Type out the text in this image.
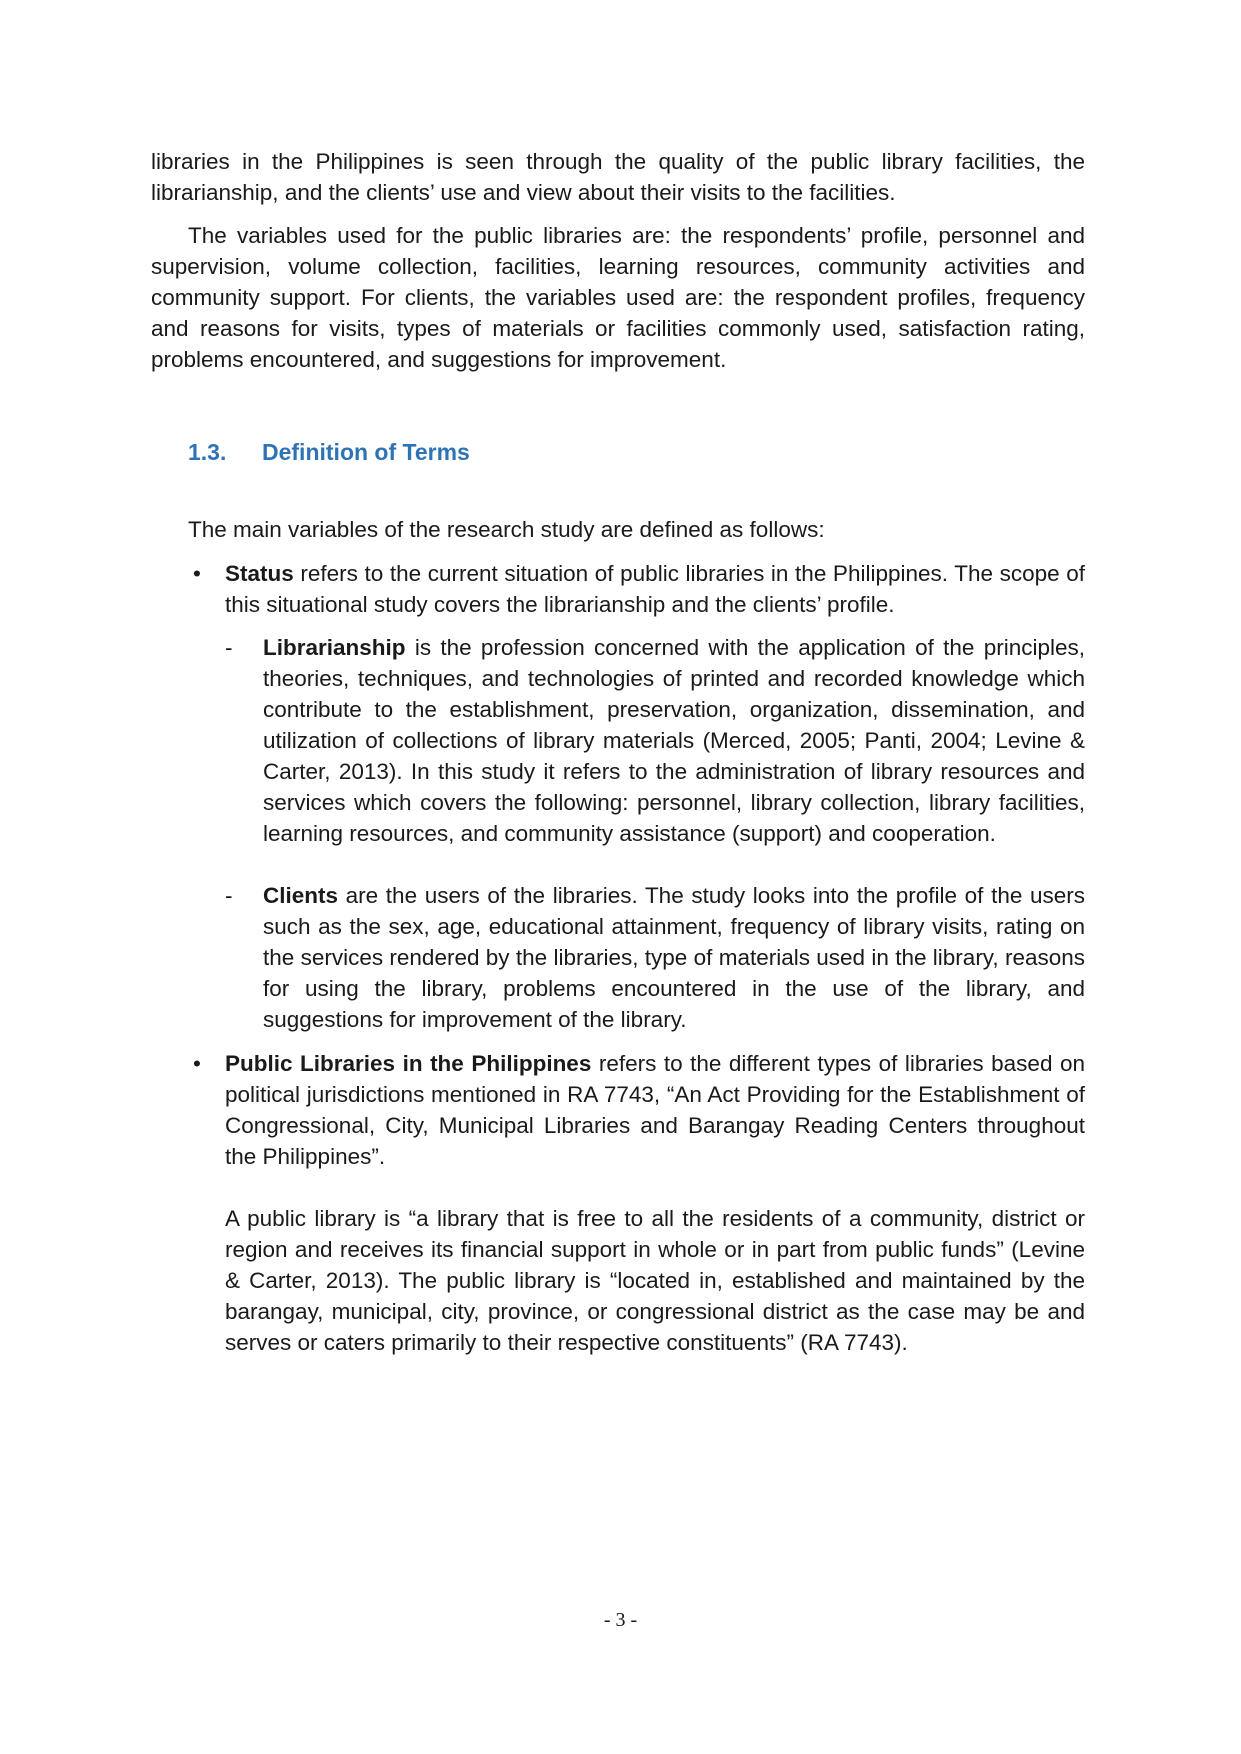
libraries in the Philippines is seen through the quality of the public library facilities, the librarianship, and the clients’ use and view about their visits to the facilities.

The variables used for the public libraries are: the respondents’ profile, personnel and supervision, volume collection, facilities, learning resources, community activities and community support. For clients, the variables used are: the respondent profiles, frequency and reasons for visits, types of materials or facilities commonly used, satisfaction rating, problems encountered, and suggestions for improvement.

1.3.	Definition of Terms

The main variables of the research study are defined as follows:

• Status refers to the current situation of public libraries in the Philippines. The scope of this situational study covers the librarianship and the clients’ profile.

- Librarianship is the profession concerned with the application of the principles, theories, techniques, and technologies of printed and recorded knowledge which contribute to the establishment, preservation, organization, dissemination, and utilization of collections of library materials (Merced, 2005; Panti, 2004; Levine & Carter, 2013). In this study it refers to the administration of library resources and services which covers the following: personnel, library collection, library facilities, learning resources, and community assistance (support) and cooperation.

- Clients are the users of the libraries. The study looks into the profile of the users such as the sex, age, educational attainment, frequency of library visits, rating on the services rendered by the libraries, type of materials used in the library, reasons for using the library, problems encountered in the use of the library, and suggestions for improvement of the library.

• Public Libraries in the Philippines refers to the different types of libraries based on political jurisdictions mentioned in RA 7743, “An Act Providing for the Establishment of Congressional, City, Municipal Libraries and Barangay Reading Centers throughout the Philippines”.

A public library is “a library that is free to all the residents of a community, district or region and receives its financial support in whole or in part from public funds” (Levine & Carter, 2013). The public library is “located in, established and maintained by the barangay, municipal, city, province, or congressional district as the case may be and serves or caters primarily to their respective constituents” (RA 7743).

- 3 -
